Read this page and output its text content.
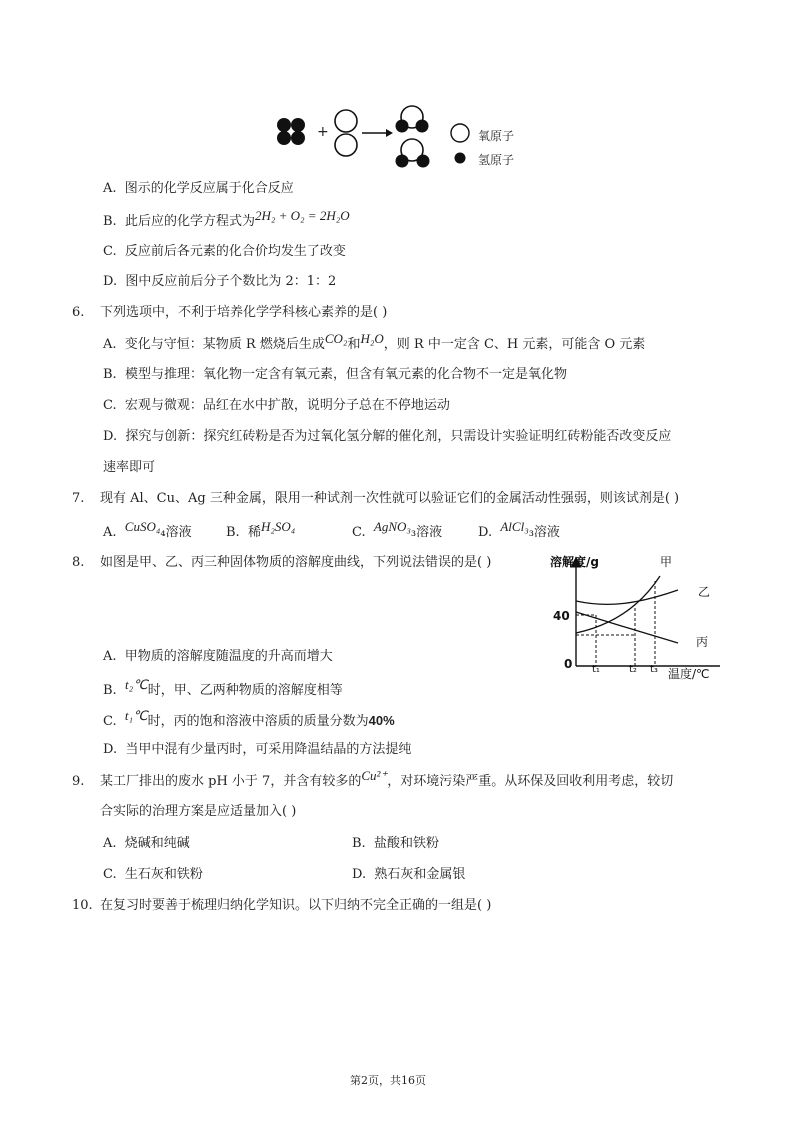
+	氧原子
氢原子
A. 图示的化学反应属于化合反应
B. 此后应的化学方程式为2H₂ + O₂ = 2H₂O
C. 反应前后各元素的化合价均发生了改变
D. 图中反应前后分子个数比为 2：1：2
6. 下列选项中，不利于培养化学学科核心素养的是( )
A. 变化与守恒：某物质 R 燃烧后生成CO₂和H₂O，则 R 中一定含 C、H 元素，可能含 O 元素
B. 模型与推理：氧化物一定含有氧元素，但含有氧元素的化合物不一定是氧化物
C. 宏观与微观：品红在水中扩散，说明分子总在不停地运动
D. 探究与创新：探究红砖粉是否为过氧化氢分解的催化剂，只需设计实验证明红砖粉能否改变反应
速率即可
7. 现有 Al、Cu、Ag 三种金属，限用一种试剂一次性就可以验证它们的金属活动性强弱，则该试剂是( )
A. CuSO₄₄溶液	B. 稀H₂SO₄	C. AgNO₃₃溶液	D. AlCl₃₃溶液
8. 如图是甲、乙、丙三种固体物质的溶解度曲线，下列说法错误的是( )	溶解度/g
40
0 t₁	t₂ t₃ 温度/℃
甲
乙
丙
A. 甲物质的溶解度随温度的升高而增大
B. t₂℃时，甲、乙两种物质的溶解度相等
C. t₁℃时，丙的饱和溶液中溶质的质量分数为40%
D. 当甲中混有少量丙时，可采用降温结晶的方法提纯
9. 某工厂排出的废水 pH 小于 7，并含有较多的Cu²⁺，对环境污染严重。从环保及回收利用考虑，较切
合实际的治理方案是应适量加入( )
A. 烧碱和纯碱	B. 盐酸和铁粉
C. 生石灰和铁粉	D. 熟石灰和金属银
10. 在复习时要善于梳理归纳化学知识。以下归纳不完全正确的一组是( )
第2页，共16页
